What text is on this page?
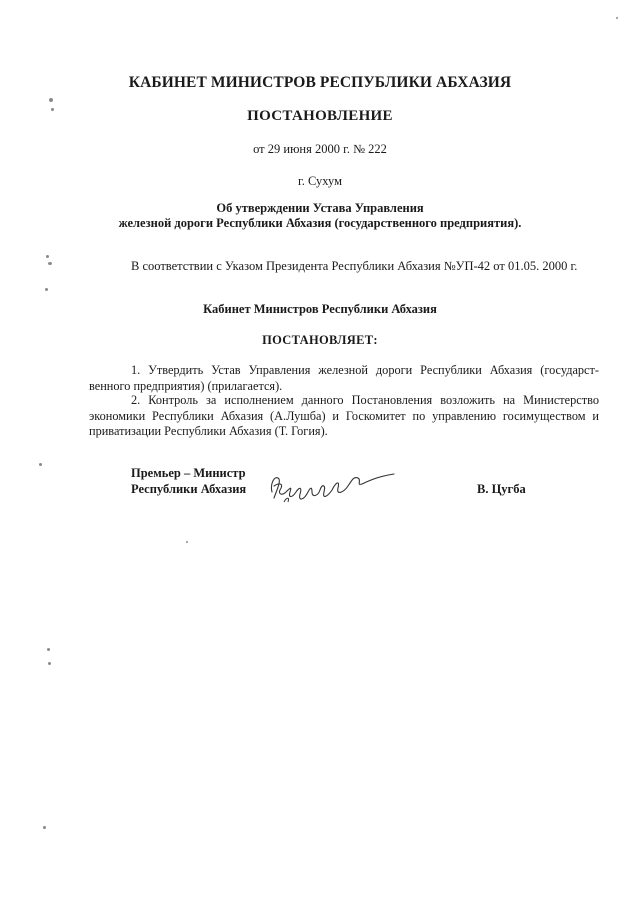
КАБИНЕТ МИНИСТРОВ РЕСПУБЛИКИ АБХАЗИЯ
ПОСТАНОВЛЕНИЕ
от 29 июня 2000 г. № 222
г. Сухум
Об утверждении Устава Управления
железной дороги Республики Абхазия (государственного предприятия).
В соответствии с Указом Президента Республики Абхазия №УП-42 от 01.05. 2000 г.
Кабинет Министров Республики Абхазия
ПОСТАНОВЛЯЕТ:
1. Утвердить Устав Управления железной дороги Республики Абхазия (государст-венного предприятия) (прилагается).
2. Контроль за исполнением данного Постановления возложить на Министерство экономики Республики Абхазия (А.Лушба) и Госкомитет по управлению госимуществом и приватизации Республики Абхазия (Т. Гогия).
Премьер – Министр
Республики Абхазия	В. Цугба
